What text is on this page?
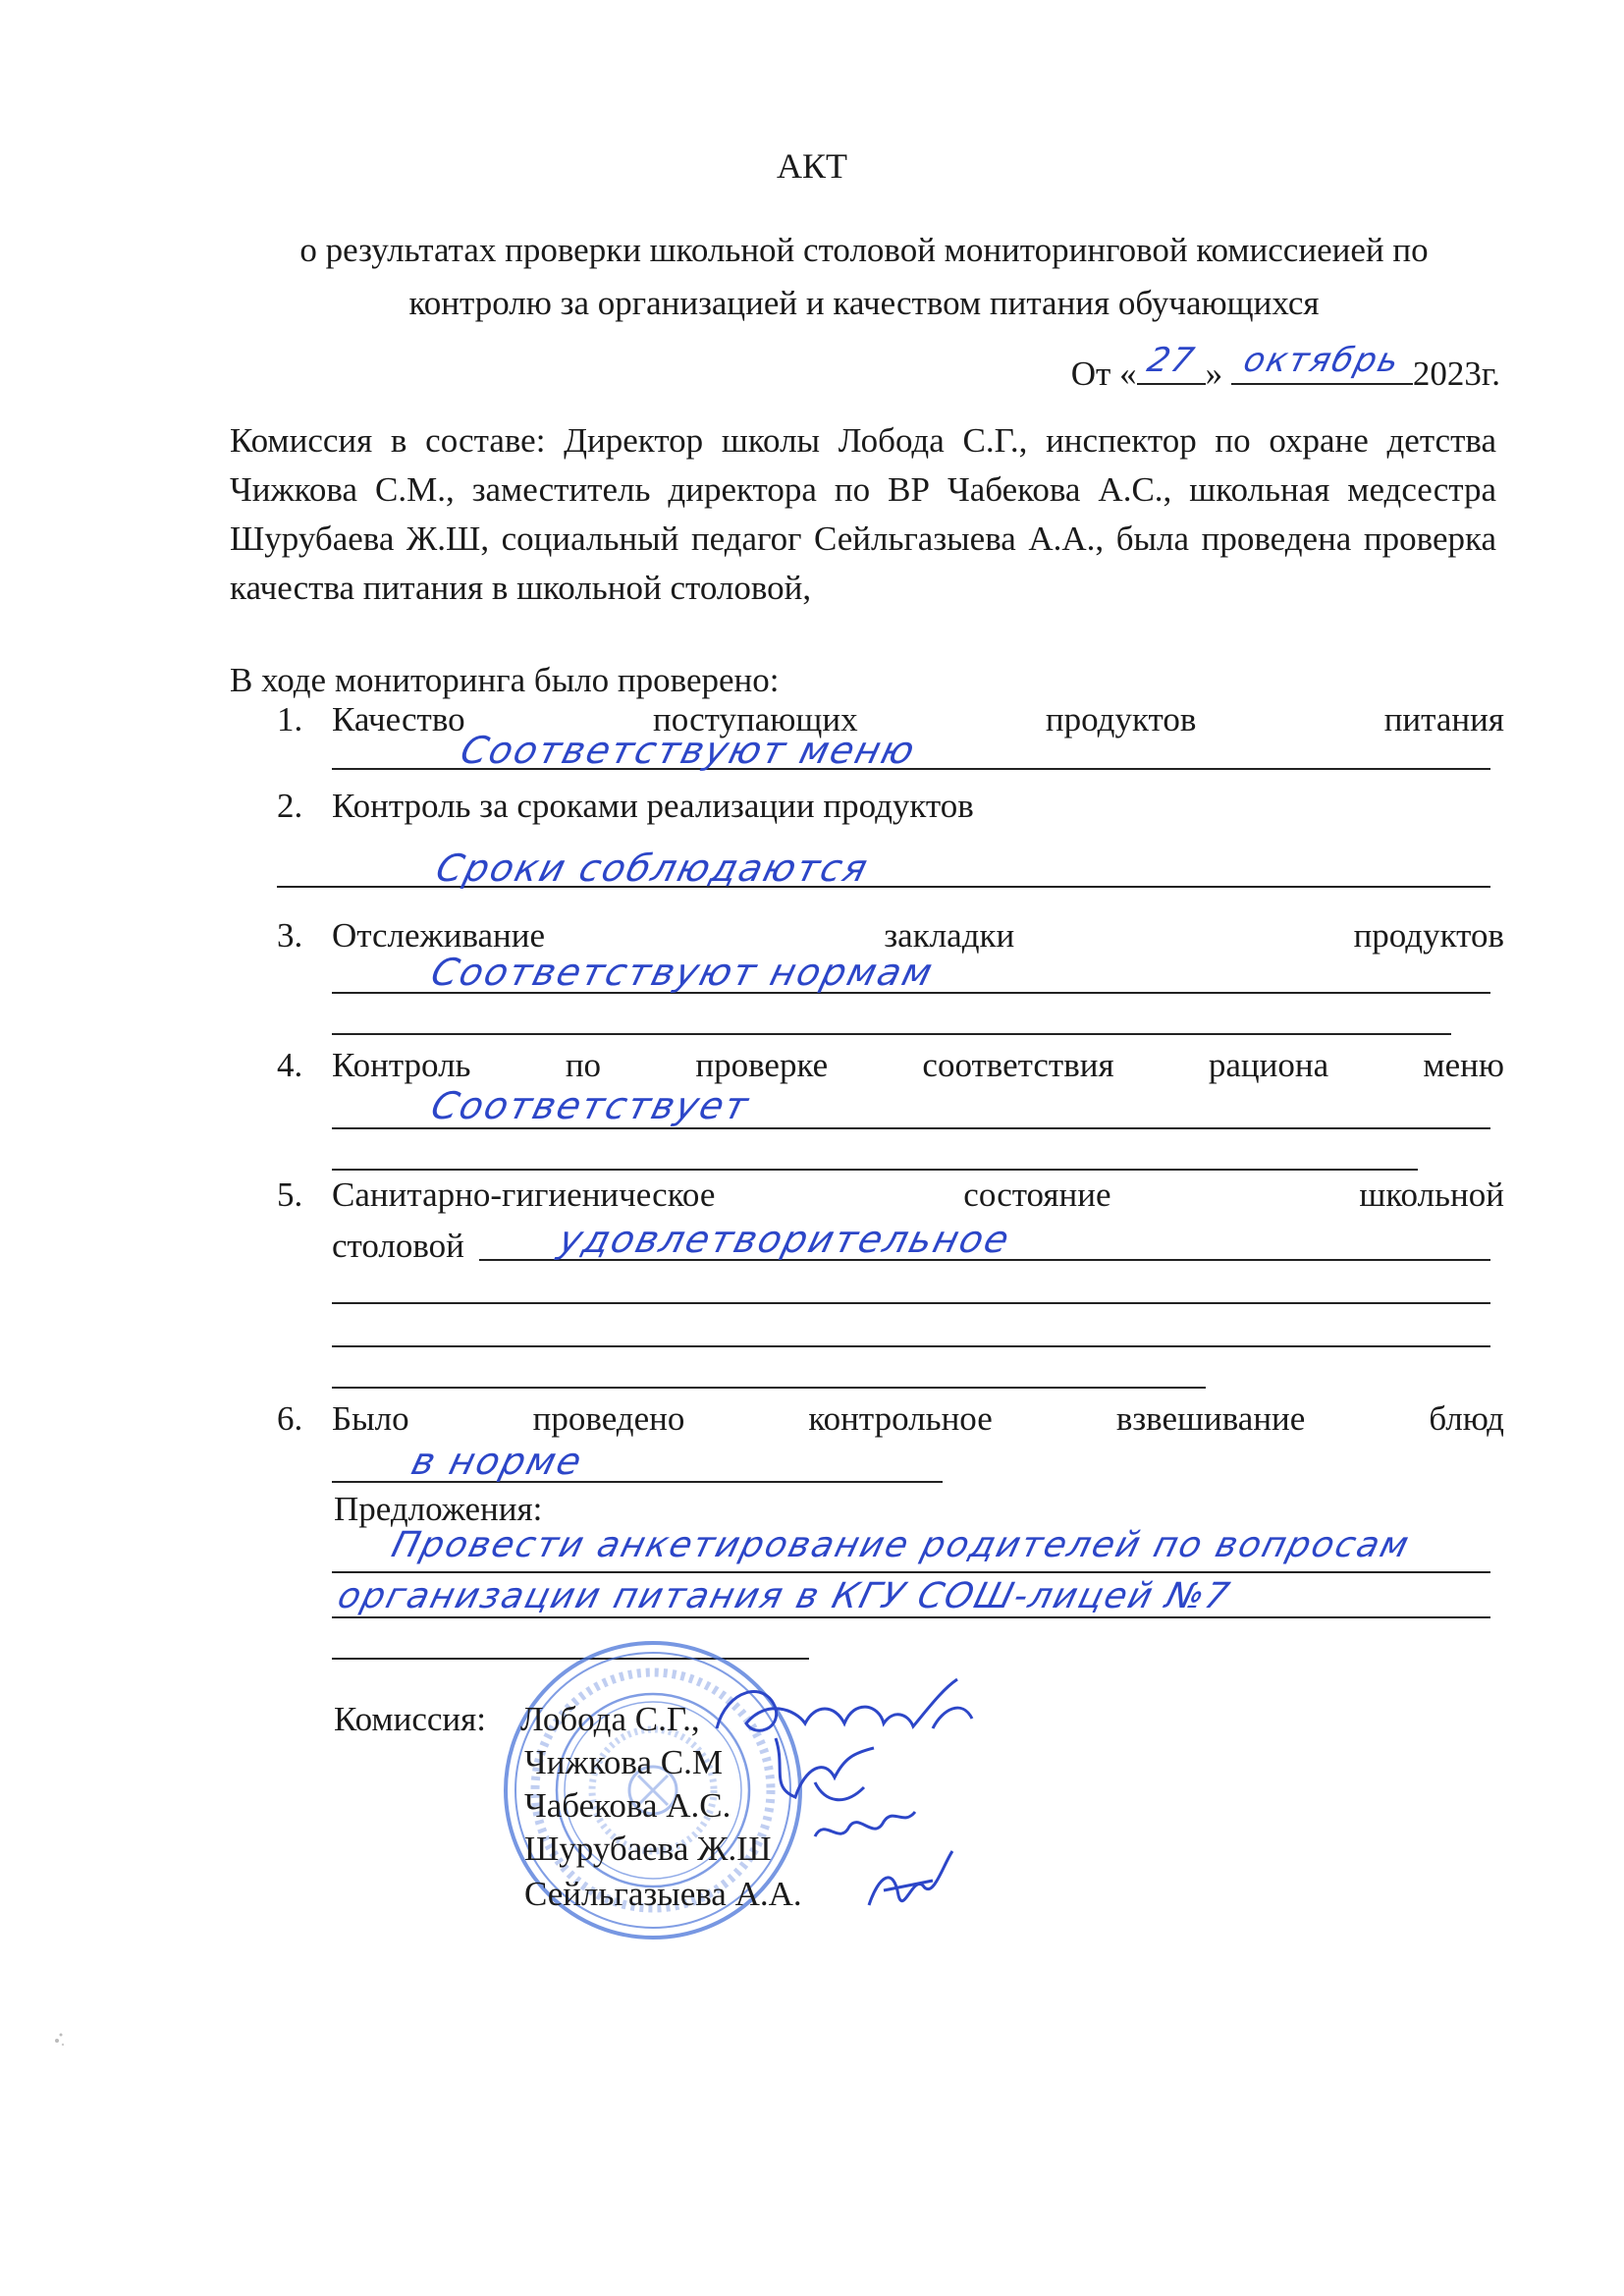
АКТ
о результатах проверки школьной столовой мониторинговой комиссиеией по
контролю за организацией и качеством питания обучающихся
От « 27 » октябрь 2023г.
Комиссия в составе: Директор школы Лобода С.Г., инспектор по охране детства Чижкова С.М., заместитель директора по ВР Чабекова А.С., школьная медсестра Шурубаева Ж.Ш, социальный педагог Сейльгазыева А.А., была проведена проверка качества питания в школьной столовой,
В ходе мониторинга было проверено:
1. Качество	поступающих	продуктов	питания
Соответствуют меню
2. Контроль за сроками реализации продуктов
Сроки соблюдаются
3. Отслеживание	закладки	продуктов
Соответствуют нормам
4. Контроль	по	проверке	соответствия	рациона	меню
Соответствует
5. Санитарно-гигиеническое	состояние	школьной
столовой удовлетворительное
6. Было	проведено	контрольное	взвешивание	блюд
в норме
Предложения:
Провести анкетирование родителей по вопросам
организации питания в КГУ СОШ-лицей №7
Комиссия: Лобода С.Г.,
Чижкова С.М
Чабекова А.С.
Шурубаева Ж.Ш
Сейльгазыева А.А.
